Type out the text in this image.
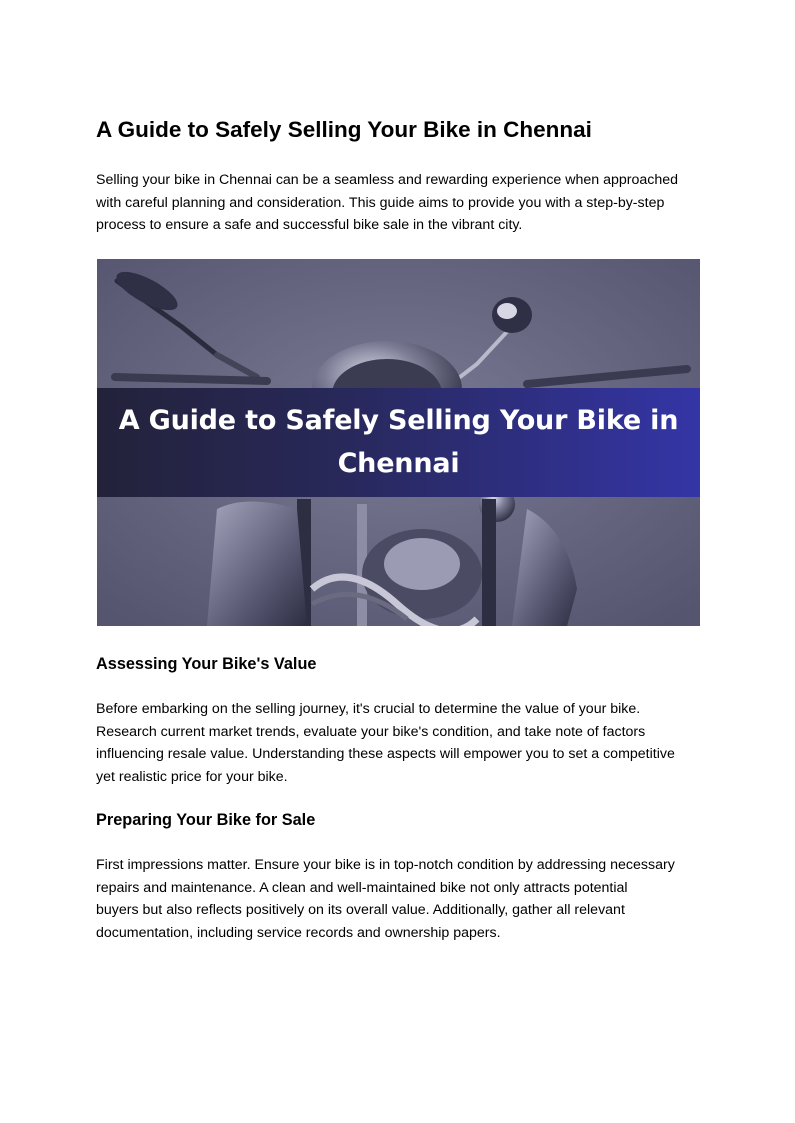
A Guide to Safely Selling Your Bike in Chennai

Selling your bike in Chennai can be a seamless and rewarding experience when approached
with careful planning and consideration. This guide aims to provide you with a step-by-step
process to ensure a safe and successful bike sale in the vibrant city.

Assessing Your Bike's Value

Before embarking on the selling journey, it's crucial to determine the value of your bike.
Research current market trends, evaluate your bike's condition, and take note of factors
influencing resale value. Understanding these aspects will empower you to set a competitive
yet realistic price for your bike.

Preparing Your Bike for Sale

First impressions matter. Ensure your bike is in top-notch condition by addressing necessary
repairs and maintenance. A clean and well-maintained bike not only attracts potential
buyers but also reflects positively on its overall value. Additionally, gather all relevant
documentation, including service records and ownership papers.

A Guide to Safely Selling Your Bike in
Chennai
